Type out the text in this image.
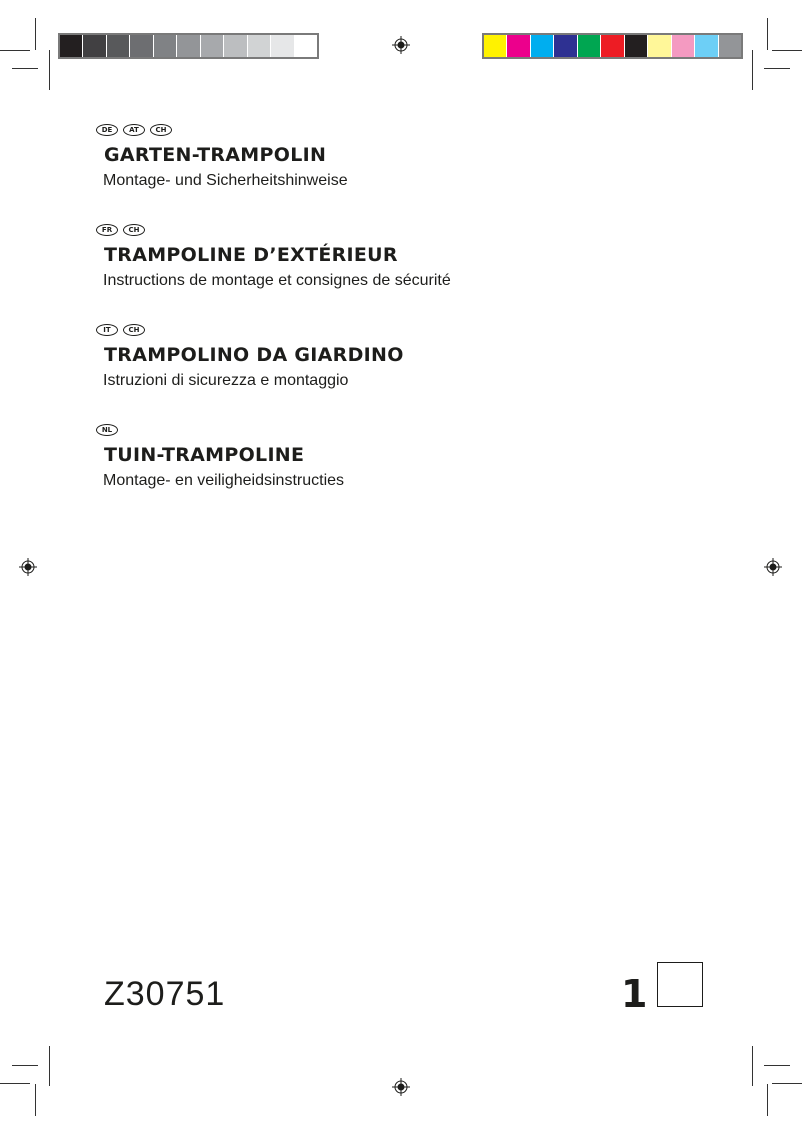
DE	AT	CH
GARTEN-TRAMPOLIN
Montage- und Sicherheitshinweise
FR	CH
TRAMPOLINE D’EXTÉRIEUR
Instructions de montage et consignes de sécurité
IT	CH
TRAMPOLINO DA GIARDINO
Istruzioni di sicurezza e montaggio
NL
TUIN-TRAMPOLINE
Montage- en veiligheidsinstructies
Z30751	1
